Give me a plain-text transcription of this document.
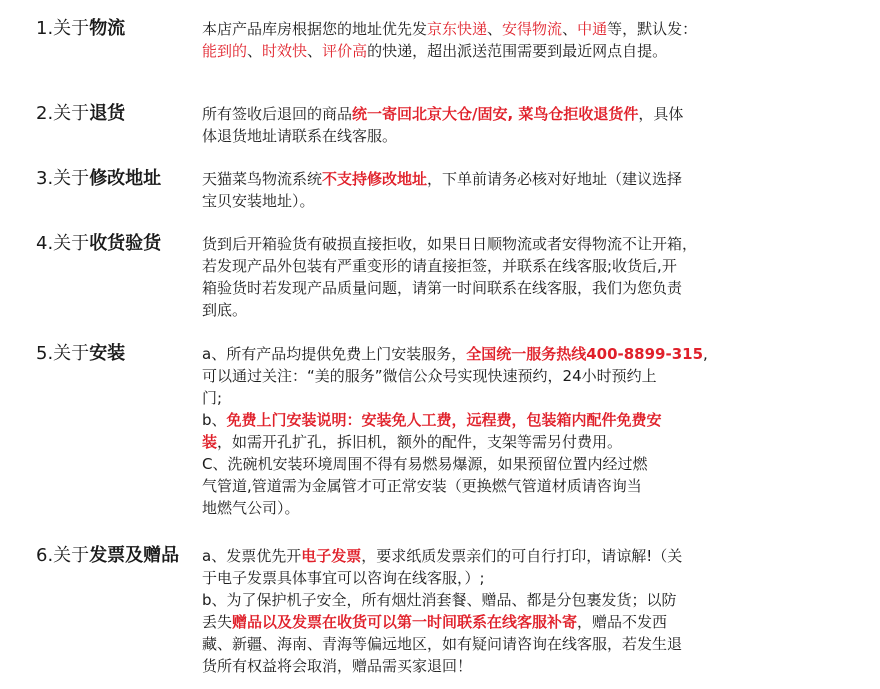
1.关于物流	本店产品库房根据您的地址优先发京东快递、安得物流、中通等，默认发：
能到的、时效快、评价高的快递，超出派送范围需要到最近网点自提。
2.关于退货	所有签收后退回的商品统一寄回北京大仓/固安, 菜鸟仓拒收退货件，具体
体退货地址请联系在线客服。
3.关于修改地址	天猫菜鸟物流系统不支持修改地址，下单前请务必核对好地址（建议选择
宝贝安装地址）。
4.关于收货验货	货到后开箱验货有破损直接拒收，如果日日顺物流或者安得物流不让开箱，
若发现产品外包装有严重变形的请直接拒签，并联系在线客服;收货后,开
箱验货时若发现产品质量问题，请第一时间联系在线客服，我们为您负责
到底。
5.关于安装	a、所有产品均提供免费上门安装服务，全国统一服务热线400-8899-315,
可以通过关注：“美的服务”微信公众号实现快速预约，24小时预约上
门;
b、免费上门安装说明：安装免人工费，远程费，包装箱内配件免费安
装，如需开孔扩孔，拆旧机，额外的配件，支架等需另付费用。
C、洗碗机安装环境周围不得有易燃易爆源，如果预留位置内经过燃
气管道,管道需为金属管才可正常安装（更换燃气管道材质请咨询当
地燃气公司）。
6.关于发票及赠品 a、发票优先开电子发票，要求纸质发票亲们的可自行打印，请谅解!（关
于电子发票具体事宜可以咨询在线客服，）;
b、为了保护机子安全，所有烟灶消套餐、赠品、都是分包裹发货；以防
丢失赠品以及发票在收货可以第一时间联系在线客服补寄，赠品不发西
藏、新疆、海南、青海等偏远地区，如有疑问请咨询在线客服，若发生退
货所有权益将会取消，赠品需买家退回！
